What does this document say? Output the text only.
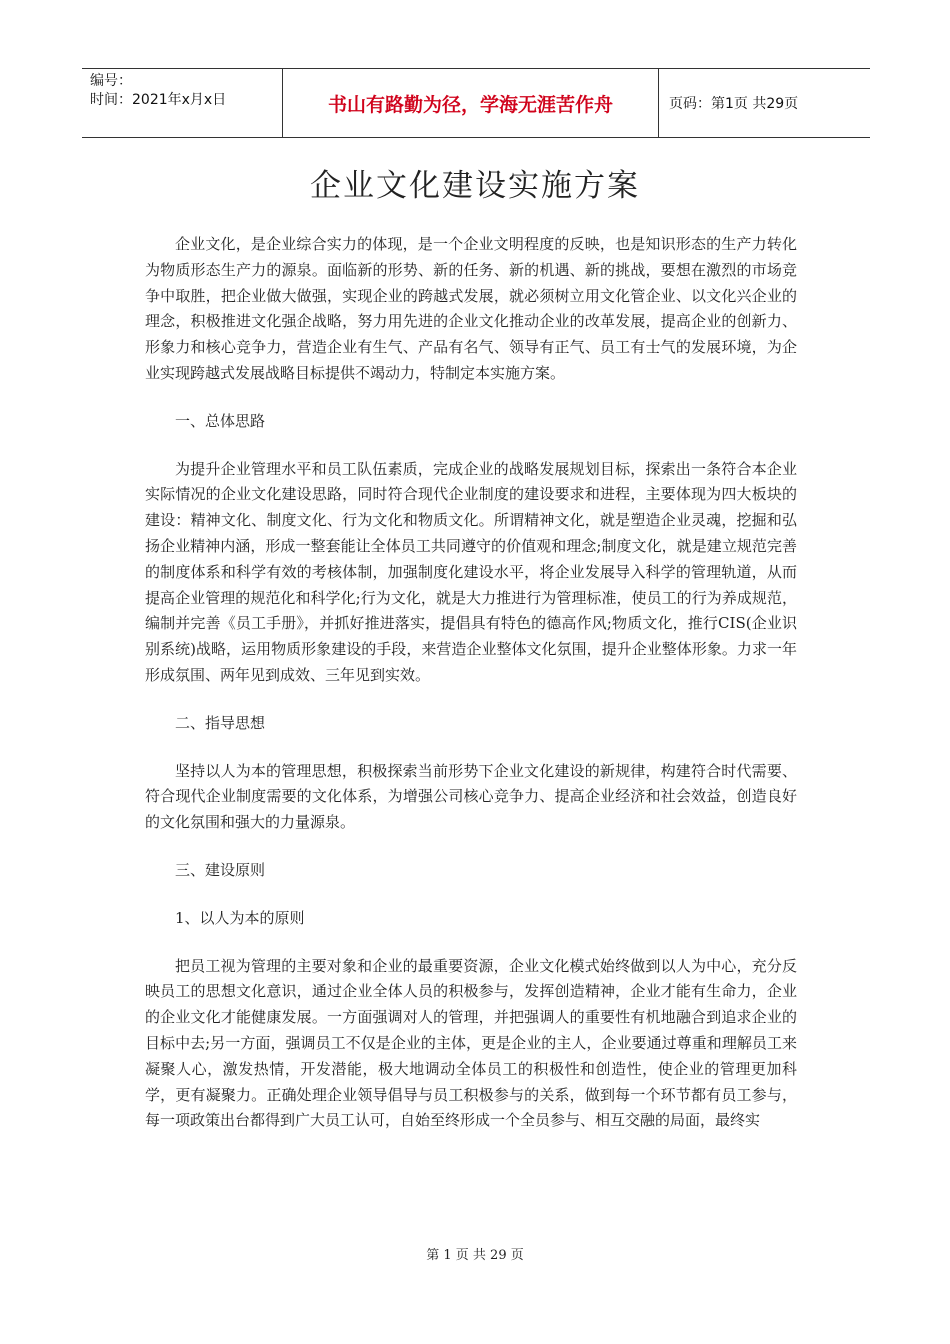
编号：
时间：2021年x月x日	书山有路勤为径，学海无涯苦作舟	页码：第1页 共29页
企业文化建设实施方案

企业文化，是企业综合实力的体现，是一个企业文明程度的反映，也是知识形态的生产力转化为物质形态生产力的源泉。面临新的形势、新的任务、新的机遇、新的挑战，要想在激烈的市场竞争中取胜，把企业做大做强，实现企业的跨越式发展，就必须树立用文化管企业、以文化兴企业的理念，积极推进文化强企战略，努力用先进的企业文化推动企业的改革发展，提高企业的创新力、形象力和核心竞争力，营造企业有生气、产品有名气、领导有正气、员工有士气的发展环境，为企业实现跨越式发展战略目标提供不竭动力，特制定本实施方案。

一、总体思路

为提升企业管理水平和员工队伍素质，完成企业的战略发展规划目标，探索出一条符合本企业实际情况的企业文化建设思路，同时符合现代企业制度的建设要求和进程，主要体现为四大板块的建设：精神文化、制度文化、行为文化和物质文化。所谓精神文化，就是塑造企业灵魂，挖掘和弘扬企业精神内涵，形成一整套能让全体员工共同遵守的价值观和理念;制度文化，就是建立规范完善的制度体系和科学有效的考核体制，加强制度化建设水平，将企业发展导入科学的管理轨道，从而提高企业管理的规范化和科学化;行为文化，就是大力推进行为管理标准，使员工的行为养成规范，编制并完善《员工手册》，并抓好推进落实，提倡具有特色的德高作风;物质文化，推行CIS(企业识别系统)战略，运用物质形象建设的手段，来营造企业整体文化氛围，提升企业整体形象。力求一年形成氛围、两年见到成效、三年见到实效。

二、指导思想

坚持以人为本的管理思想，积极探索当前形势下企业文化建设的新规律，构建符合时代需要、符合现代企业制度需要的文化体系，为增强公司核心竞争力、提高企业经济和社会效益，创造良好的文化氛围和强大的力量源泉。

三、建设原则
1、以人为本的原则

把员工视为管理的主要对象和企业的最重要资源，企业文化模式始终做到以人为中心，充分反映员工的思想文化意识，通过企业全体人员的积极参与，发挥创造精神，企业才能有生命力，企业的企业文化才能健康发展。一方面强调对人的管理，并把强调人的重要性有机地融合到追求企业的目标中去;另一方面，强调员工不仅是企业的主体，更是企业的主人，企业要通过尊重和理解员工来凝聚人心，激发热情，开发潜能，极大地调动全体员工的积极性和创造性，使企业的管理更加科学，更有凝聚力。正确处理企业领导倡导与员工积极参与的关系，做到每一个环节都有员工参与，每一项政策出台都得到广大员工认可，自始至终形成一个全员参与、相互交融的局面，最终实

第 1 页 共 29 页
